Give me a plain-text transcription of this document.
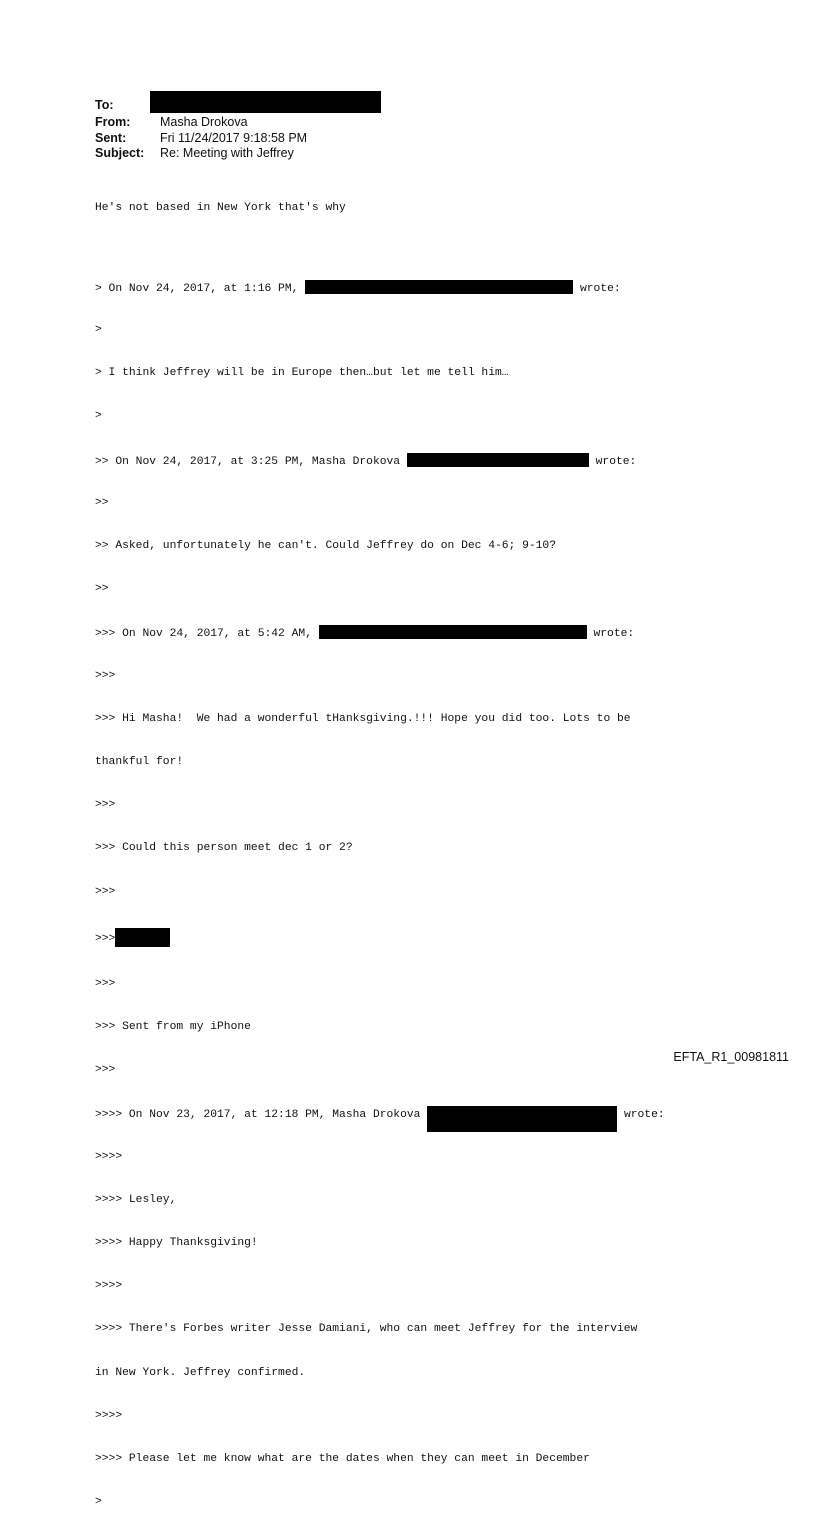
To:
From:	Masha Drokova
Sent:	Fri 11/24/2017 9:18:58 PM
Subject:	Re: Meeting with Jeffrey

He's not based in New York that's why

> On Nov 24, 2017, at 1:16 PM,	wrote:

>

> I think Jeffrey will be in Europe then…but let me tell him…

>

>> On Nov 24, 2017, at 3:25 PM, Masha Drokova	wrote:

>>

>> Asked, unfortunately he can't. Could Jeffrey do on Dec 4-6; 9-10?

>>

>>> On Nov 24, 2017, at 5:42 AM,	wrote:

>>>

>>> Hi Masha!  We had a wonderful tHanksgiving.!!! Hope you did too. Lots to be

thankful for!

>>>

>>> Could this person meet dec 1 or 2?

>>>

>>>

>>>

>>> Sent from my iPhone

>>>

>>>> On Nov 23, 2017, at 12:18 PM, Masha Drokova	wrote:

>>>>

>>>> Lesley,

>>>> Happy Thanksgiving!

>>>>

>>>> There's Forbes writer Jesse Damiani, who can meet Jeffrey for the interview

in New York. Jeffrey confirmed.

>>>>

>>>> Please let me know what are the dates when they can meet in December

>

EFTA_R1_00981811
